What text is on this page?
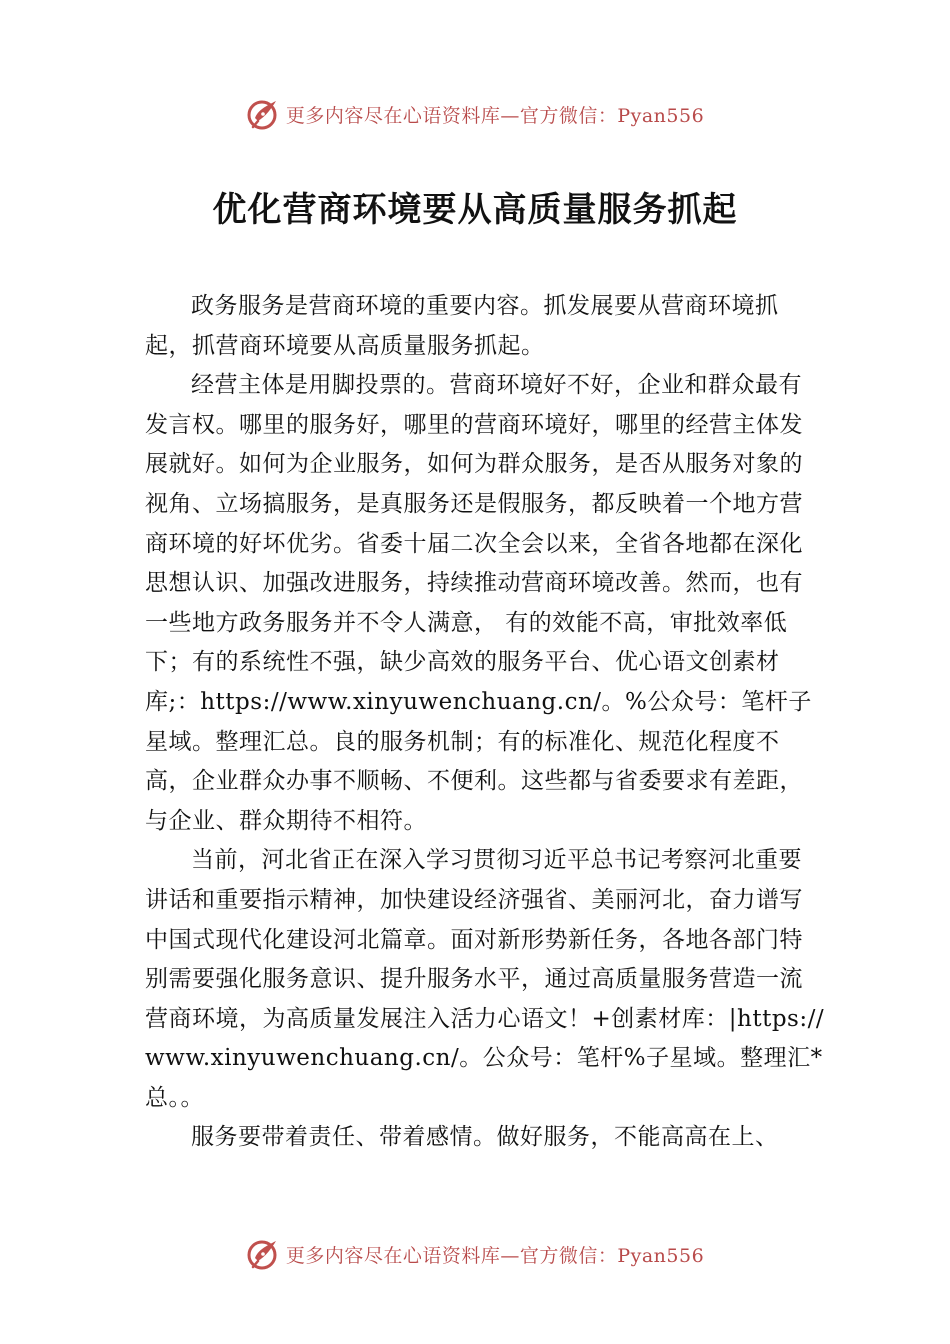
更多内容尽在心语资料库—官方微信：Pyan556
优化营商环境要从高质量服务抓起

政务服务是营商环境的重要内容。抓发展要从营商环境抓起，抓营商环境要从高质量服务抓起。

经营主体是用脚投票的。营商环境好不好，企业和群众最有发言权。哪里的服务好，哪里的营商环境好，哪里的经营主体发展就好。如何为企业服务，如何为群众服务，是否从服务对象的视角、立场搞服务，是真服务还是假服务，都反映着一个地方营商环境的好坏优劣。省委十届二次全会以来，全省各地都在深化思想认识、加强改进服务，持续推动营商环境改善。然而，也有一些地方政务服务并不令人满意， 有的效能不高，审批效率低下；有的系统性不强，缺少高效的服务平台、优心语文创素材库;：https://www.xinyuwenchuang.cn/。%公众号：笔杆子星域。整理汇总。良的服务机制；有的标准化、规范化程度不高，企业群众办事不顺畅、不便利。这些都与省委要求有差距，与企业、群众期待不相符。

当前，河北省正在深入学习贯彻习近平总书记考察河北重要讲话和重要指示精神，加快建设经济强省、美丽河北，奋力谱写中国式现代化建设河北篇章。面对新形势新任务，各地各部门特别需要强化服务意识、提升服务水平，通过高质量服务营造一流营商环境，为高质量发展注入活力心语文！+创素材库：|https://www.xinyuwenchuang.cn/。公众号：笔杆%子星域。整理汇*总。。

服务要带着责任、带着感情。做好服务，不能高高在上、

更多内容尽在心语资料库—官方微信：Pyan556
